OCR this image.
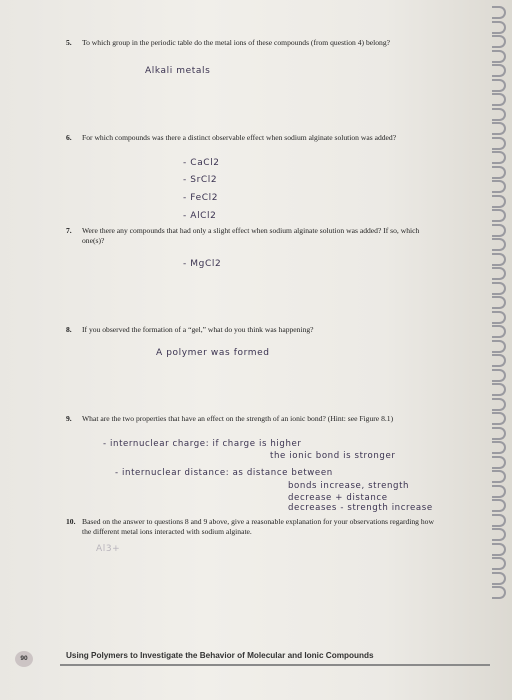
5. To which group in the periodic table do the metal ions of these compounds (from question 4) belong?
Alkali metals
6. For which compounds was there a distinct observable effect when sodium alginate solution was added?
- CaCl2
- SrCl2
- FeCl2
- AlCl2
7. Were there any compounds that had only a slight effect when sodium alginate solution was added? If so, which one(s)?
- MgCl2
8. If you observed the formation of a “gel,” what do you think was happening?
A polymer was formed
9. What are the two properties that have an effect on the strength of an ionic bond? (Hint: see Figure 8.1)
- internuclear charge: if charge is higher
the ionic bond is stronger
- internuclear distance: as distance between
bonds increase, strength
decrease + distance
decreases - strength increase
10. Based on the answer to questions 8 and 9 above, give a reasonable explanation for your observations regarding how the different metal ions interacted with sodium alginate.
Al3+
90	Using Polymers to Investigate the Behavior of Molecular and Ionic Compounds
